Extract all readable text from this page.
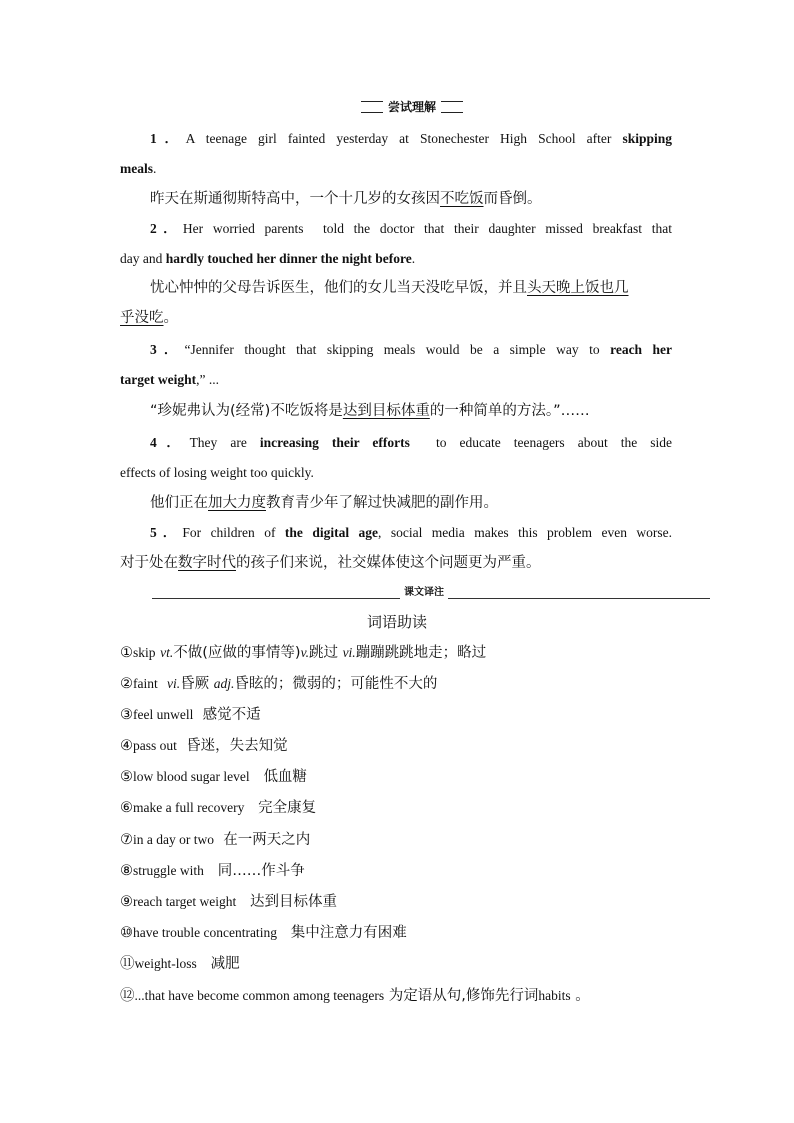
尝试理解
1．A teenage girl fainted yesterday at Stonechester High School after skipping
meals.
昨天在斯通彻斯特高中，一个十几岁的女孩因不吃饭而昏倒。
2．Her worried parents  told the doctor that their daughter missed breakfast that
day and hardly touched her dinner the night before.
忧心忡忡的父母告诉医生，他们的女儿当天没吃早饭，并且头天晚上饭也几
乎没吃。
3．“Jennifer thought that skipping meals would be a simple way to reach her
target weight,” ...
“珍妮弗认为(经常)不吃饭将是达到目标体重的一种简单的方法。”……
4．They are increasing their efforts to educate teenagers about the side
effects of losing weight too quickly.
他们正在加大力度教育青少年了解过快减肥的副作用。
5．For children of the digital age, social media makes this problem even worse.
对于处在数字时代的孩子们来说，社交媒体使这个问题更为严重。
课文译注
词语助读
①skip vt.不做(应做的事情等)v.跳过 vi.蹦蹦跳跳地走；略过
②faint vi.昏厥 adj.昏眩的；微弱的；可能性不大的
③feel unwell 感觉不适
④pass out 昏迷，失去知觉
⑤low blood sugar level 低血糖
⑥make a full recovery 完全康复
⑦in a day or two 在一两天之内
⑧struggle with 同……作斗争
⑨reach target weight 达到目标体重
⑩have trouble concentrating 集中注意力有困难
⑪weight-loss 减肥
⑫...that have become common among teenagers 为定语从句,修饰先行词habits 。
